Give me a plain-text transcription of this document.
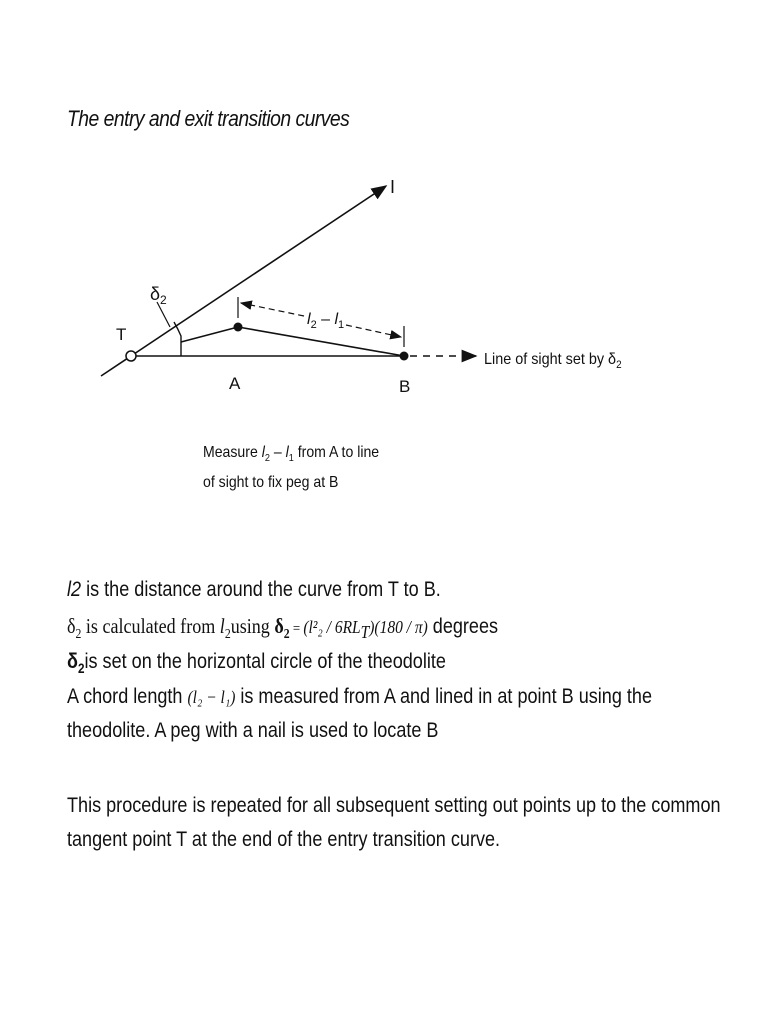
The entry and exit transition curves
I
$\delta_2$
T
A	B
$l_2 - l_1$
Line of sight set by $\delta_2$
Measure $l_2 - l_1$ from A to line
of sight to fix peg at B
l2 is the distance around the curve from T to B.
$\delta_2$ is calculated from $l_2using$ $\delta_2 = (l^2_2 / 6RL_T)(180 / \pi)$ degrees
$\delta_2is$ set on the horizontal circle of the theodolite
A chord length (l₂ − l₁) is measured from A and lined in at point B using the
theodolite. A peg with a nail is used to locate B
This procedure is repeated for all subsequent setting out points up to the common
tangent point T at the end of the entry transition curve.
